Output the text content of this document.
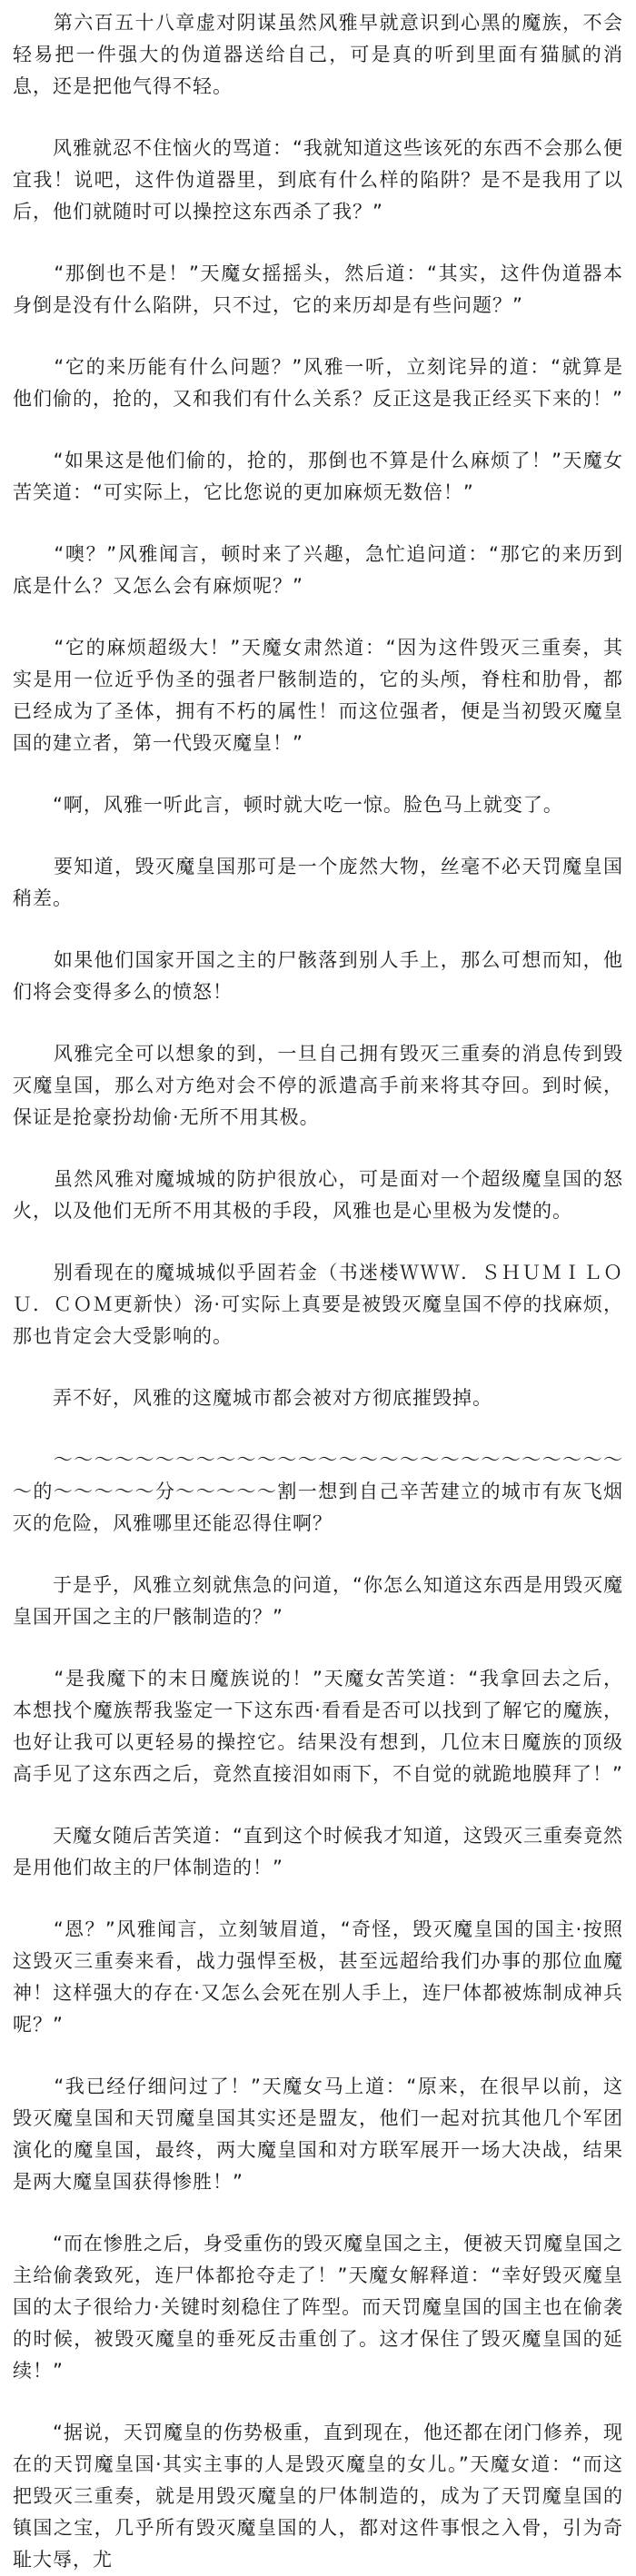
　　第六百五十八章虚对阴谋虽然风雅早就意识到心黑的魔族，不会轻易把一件强大的伪道器送给自己，可是真的听到里面有猫腻的消息，还是把他气得不轻。

　　风雅就忍不住恼火的骂道：“我就知道这些该死的东西不会那么便宜我！说吧，这件伪道器里，到底有什么样的陷阱？是不是我用了以后，他们就随时可以操控这东西杀了我？”

　　“那倒也不是！”天魔女摇摇头，然后道：“其实，这件伪道器本身倒是没有什么陷阱，只不过，它的来历却是有些问题？”

　　“它的来历能有什么问题？”风雅一听，立刻诧异的道：“就算是他们偷的，抢的，又和我们有什么关系？反正这是我正经买下来的！”

　　“如果这是他们偷的，抢的，那倒也不算是什么麻烦了！”天魔女苦笑道：“可实际上，它比您说的更加麻烦无数倍！”

　　“噢？”风雅闻言，顿时来了兴趣，急忙追问道：“那它的来历到底是什么？又怎么会有麻烦呢？”

　　“它的麻烦超级大！”天魔女肃然道：“因为这件毁灭三重奏，其实是用一位近乎伪圣的强者尸骸制造的，它的头颅，脊柱和肋骨，都已经成为了圣体，拥有不朽的属性！而这位强者，便是当初毁灭魔皇国的建立者，第一代毁灭魔皇！”

　　“啊，风雅一听此言，顿时就大吃一惊。脸色马上就变了。

　　要知道，毁灭魔皇国那可是一个庞然大物，丝毫不必天罚魔皇国稍差。

　　如果他们国家开国之主的尸骸落到别人手上，那么可想而知，他们将会变得多么的愤怒！

　　风雅完全可以想象的到，一旦自己拥有毁灭三重奏的消息传到毁灭魔皇国，那么对方绝对会不停的派遣高手前来将其夺回。到时候，保证是抢豪扮劫偷·无所不用其极。

　　虽然风雅对魔城城的防护很放心，可是面对一个超级魔皇国的怒火，以及他们无所不用其极的手段，风雅也是心里极为发憷的。

　　别看现在的魔城城似乎固若金（书迷楼ＷＷＷ．ＳＨＵＭＩＬＯＵ．ＣＯＭ更新快）汤·可实际上真要是被毁灭魔皇国不停的找麻烦，那也肯定会大受影响的。

　　弄不好，风雅的这魔城市都会被对方彻底摧毁掉。

　　～～～～～～～～～～～～～～～～～～～～～～～～～～～～～的～～～～～分～～～～～割一想到自己辛苦建立的城市有灰飞烟灭的危险，风雅哪里还能忍得住啊？

　　于是乎，风雅立刻就焦急的问道，“你怎么知道这东西是用毁灭魔皇国开国之主的尸骸制造的？”

　　“是我魔下的末日魔族说的！”天魔女苦笑道：“我拿回去之后，本想找个魔族帮我鉴定一下这东西·看看是否可以找到了解它的魔族，也好让我可以更轻易的操控它。结果没有想到，几位末日魔族的顶级高手见了这东西之后，竟然直接泪如雨下，不自觉的就跪地膜拜了！”

　　天魔女随后苦笑道：“直到这个时候我才知道，这毁灭三重奏竟然是用他们故主的尸体制造的！”

　　“恩？”风雅闻言，立刻皱眉道，“奇怪，毁灭魔皇国的国主·按照这毁灭三重奏来看，战力强悍至极，甚至远超给我们办事的那位血魔神！这样强大的存在·又怎么会死在别人手上，连尸体都被炼制成神兵呢？”

　　“我已经仔细问过了！”天魔女马上道：“原来，在很早以前，这毁灭魔皇国和天罚魔皇国其实还是盟友，他们一起对抗其他几个军团演化的魔皇国，最终，两大魔皇国和对方联军展开一场大决战，结果是两大魔皇国获得惨胜！”

　　“而在惨胜之后，身受重伤的毁灭魔皇国之主，便被天罚魔皇国之主给偷袭致死，连尸体都抢夺走了！”天魔女解释道：“幸好毁灭魔皇国的太子很给力·关键时刻稳住了阵型。而天罚魔皇国的国主也在偷袭的时候，被毁灭魔皇的垂死反击重创了。这才保住了毁灭魔皇国的延续！”

　　“据说，天罚魔皇的伤势极重，直到现在，他还都在闭门修养，现在的天罚魔皇国·其实主事的人是毁灭魔皇的女儿。”天魔女道：“而这把毁灭三重奏，就是用毁灭魔皇的尸体制造的，成为了天罚魔皇国的镇国之宝，几乎所有毁灭魔皇国的人，都对这件事恨之入骨，引为奇耻大辱，尤
